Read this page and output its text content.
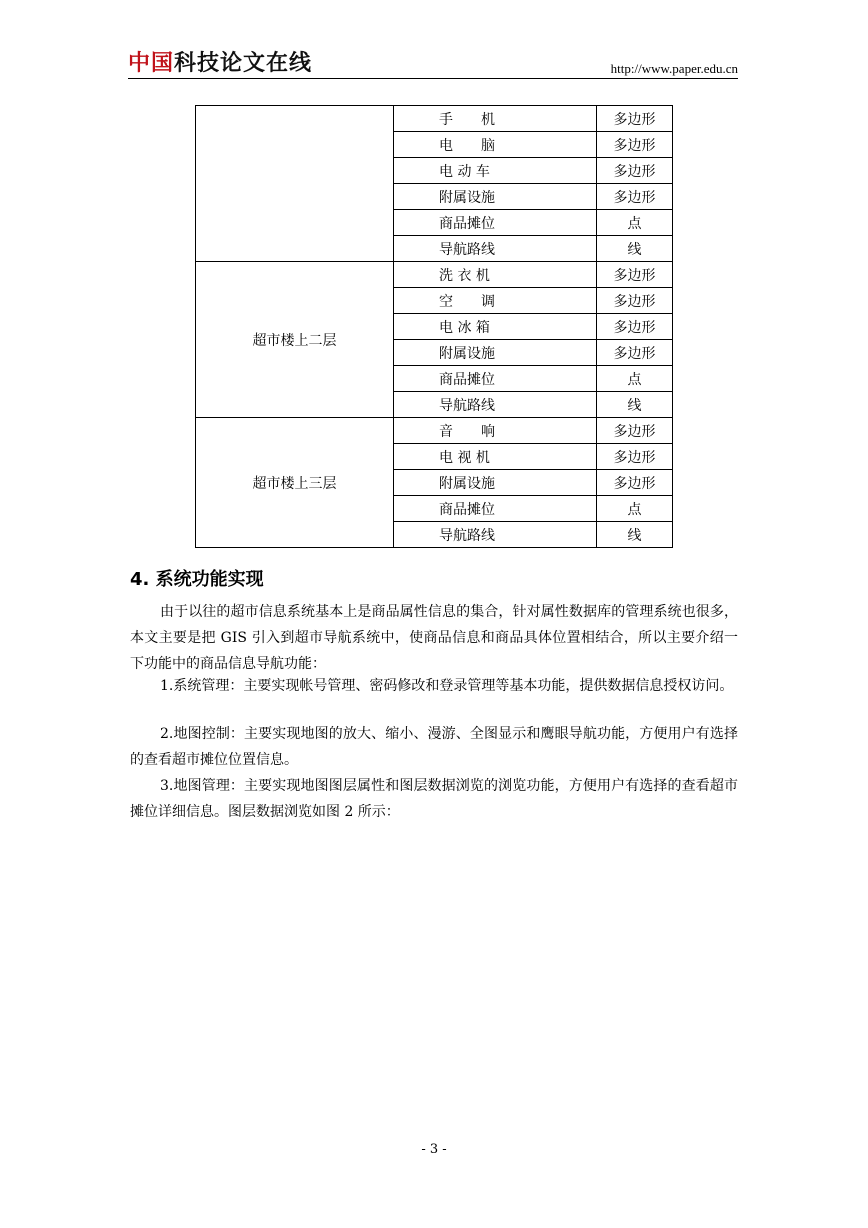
中国科技论文在线	http://www.paper.edu.cn
	手　　机	多边形
	电　　脑	多边形
	电 动 车	多边形
	附属设施	多边形
	商品摊位	点
	导航路线	线
超市楼上二层	洗 衣 机	多边形
	空　　调	多边形
	电 冰 箱	多边形
	附属设施	多边形
	商品摊位	点
	导航路线	线
超市楼上三层	音　　响	多边形
	电 视 机	多边形
	附属设施	多边形
	商品摊位	点
	导航路线	线
4. 系统功能实现
由于以往的超市信息系统基本上是商品属性信息的集合，针对属性数据库的管理系统也很多，本文主要是把 GIS 引入到超市导航系统中，使商品信息和商品具体位置相结合，所以主要介绍一下功能中的商品信息导航功能：
1.系统管理：主要实现帐号管理、密码修改和登录管理等基本功能，提供数据信息授权访问。
2.地图控制：主要实现地图的放大、缩小、漫游、全图显示和鹰眼导航功能，方便用户有选择的查看超市摊位位置信息。
3.地图管理：主要实现地图图层属性和图层数据浏览的浏览功能，方便用户有选择的查看超市摊位详细信息。图层数据浏览如图 2 所示：
- 3 -
